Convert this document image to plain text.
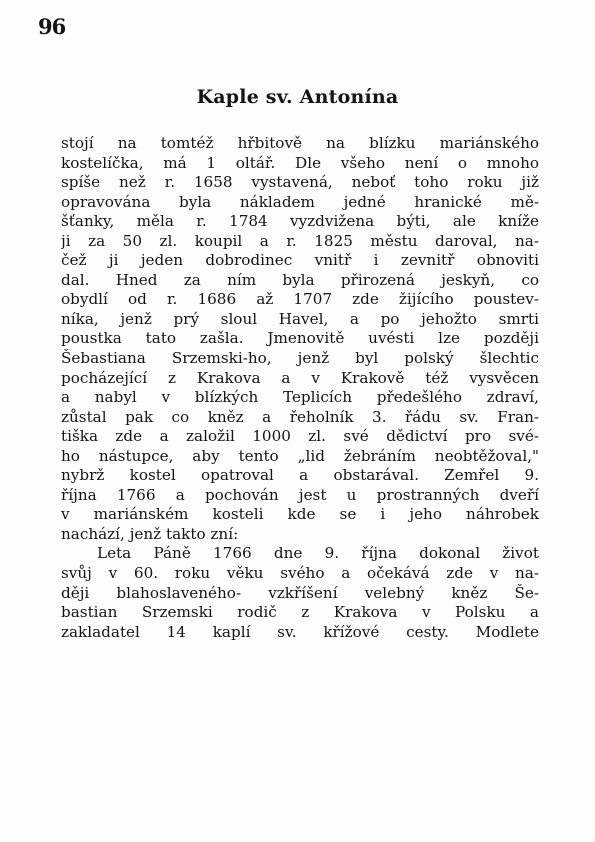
96
Kaple sv. Antonína
stojí na tomtéž hřbitově na blízku mariánského
kostelíčka, má 1 oltář. Dle všeho není o mnoho
spíše než r. 1658 vystavená, neboť toho roku již
opravována byla nákladem jedné hranické mě-
šťanky, měla r. 1784 vyzdvižena býti, ale kníže
ji za 50 zl. koupil a r. 1825 městu daroval, na-
čež ji jeden dobrodinec vnitř i zevnitř obnoviti
dal. Hned za ním byla přirozená jeskyň, co
obydlí od r. 1686 až 1707 zde žijícího poustev-
níka, jenž prý sloul Havel, a po jehožto smrti
poustka tato zašla. Jmenovitě uvésti lze později
Šebastiana Srzemski-ho, jenž byl polský šlechtic
pocházející z Krakova a v Krakově též vysvěcen
a nabyl v blízkých Teplicích předešlého zdraví,
zůstal pak co kněz a řeholník 3. řádu sv. Fran-
tiška zde a založil 1000 zl. své dědictví pro své-
ho nástupce, aby tento „lid žebráním neobtěžoval,"
nybrž kostel opatroval a obstarával. Zemřel 9.
října 1766 a pochován jest u prostranných dveří
v mariánském kosteli kde se i jeho náhrobek
nachází, jenž takto zní:
Leta Páně 1766 dne 9. října dokonal život
svůj v 60. roku věku svého a očekává zde v na-
ději blahoslaveného- vzkříšení velebný kněz Še-
bastian Srzemski rodič z Krakova v Polsku a
zakladatel 14 kaplí sv. křížové cesty. Modlete
